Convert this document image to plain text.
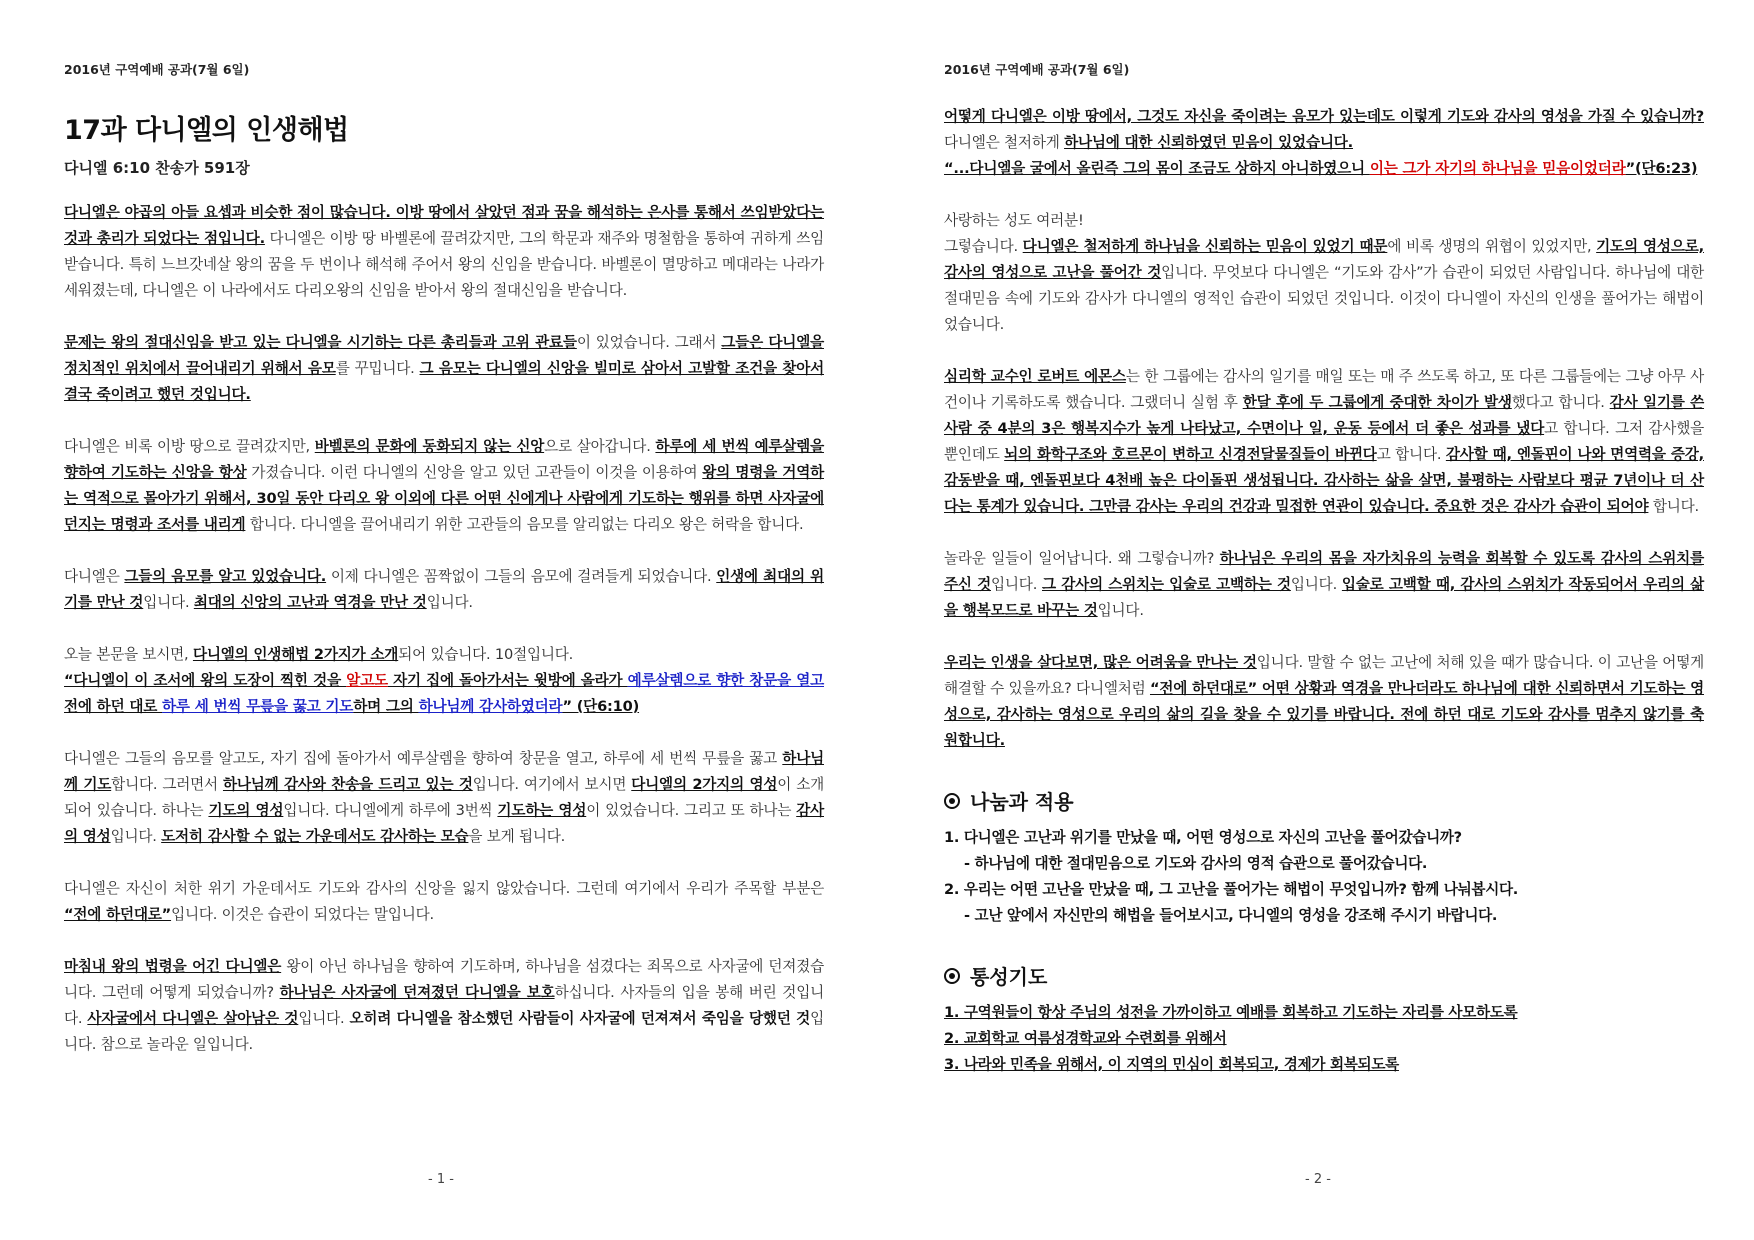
2016년 구역예배 공과(7월 6일)
17과 다니엘의 인생해법
다니엘 6:10 찬송가 591장

다니엘은 야곱의 아들 요셉과 비슷한 점이 많습니다. 이방 땅에서 살았던 점과 꿈을 해석하는 은사를 통해서 쓰임받았다는 것과 총리가 되었다는 점입니다. 다니엘은 이방 땅 바벨론에 끌려갔지만, 그의 학문과 재주와 명철함을 통하여 귀하게 쓰임받습니다. 특히 느브갓네살 왕의 꿈을 두 번이나 해석해 주어서 왕의 신임을 받습니다. 바벨론이 멸망하고 메대라는 나라가 세워졌는데, 다니엘은 이 나라에서도 다리오왕의 신임을 받아서 왕의 절대신임을 받습니다.

문제는 왕의 절대신임을 받고 있는 다니엘을 시기하는 다른 총리들과 고위 관료들이 있었습니다. 그래서 그들은 다니엘을 정치적인 위치에서 끌어내리기 위해서 음모를 꾸밉니다. 그 음모는 다니엘의 신앙을 빌미로 삼아서 고발할 조건을 찾아서 결국 죽이려고 했던 것입니다.

다니엘은 비록 이방 땅으로 끌려갔지만, 바벨론의 문화에 동화되지 않는 신앙으로 살아갑니다. 하루에 세 번씩 예루살렘을 향하여 기도하는 신앙을 항상 가졌습니다. 이런 다니엘의 신앙을 알고 있던 고관들이 이것을 이용하여 왕의 명령을 거역하는 역적으로 몰아가기 위해서, 30일 동안 다리오 왕 이외에 다른 어떤 신에게나 사람에게 기도하는 행위를 하면 사자굴에 던지는 명령과 조서를 내리게 합니다. 다니엘을 끌어내리기 위한 고관들의 음모를 알리없는 다리오 왕은 허락을 합니다.

다니엘은 그들의 음모를 알고 있었습니다. 이제 다니엘은 꼼짝없이 그들의 음모에 걸려들게 되었습니다. 인생에 최대의 위기를 만난 것입니다. 최대의 신앙의 고난과 역경을 만난 것입니다.

오늘 본문을 보시면, 다니엘의 인생해법 2가지가 소개되어 있습니다. 10절입니다.
“다니엘이 이 조서에 왕의 도장이 찍힌 것을 알고도 자기 집에 돌아가서는 윗방에 올라가 예루살렘으로 향한 창문을 열고 전에 하던 대로 하루 세 번씩 무릎을 꿇고 기도하며 그의 하나님께 감사하였더라” (단6:10)

다니엘은 그들의 음모를 알고도, 자기 집에 돌아가서 예루살렘을 향하여 창문을 열고, 하루에 세 번씩 무릎을 꿇고 하나님께 기도합니다. 그러면서 하나님께 감사와 찬송을 드리고 있는 것입니다. 여기에서 보시면 다니엘의 2가지의 영성이 소개되어 있습니다. 하나는 기도의 영성입니다. 다니엘에게 하루에 3번씩 기도하는 영성이 있었습니다. 그리고 또 하나는 감사의 영성입니다. 도저히 감사할 수 없는 가운데서도 감사하는 모습을 보게 됩니다.

다니엘은 자신이 처한 위기 가운데서도 기도와 감사의 신앙을 잃지 않았습니다. 그런데 여기에서 우리가 주목할 부분은 “전에 하던대로”입니다. 이것은 습관이 되었다는 말입니다.

마침내 왕의 법령을 어긴 다니엘은 왕이 아닌 하나님을 향하여 기도하며, 하나님을 섬겼다는 죄목으로 사자굴에 던져졌습니다. 그런데 어떻게 되었습니까? 하나님은 사자굴에 던져졌던 다니엘을 보호하십니다. 사자들의 입을 봉해 버린 것입니다. 사자굴에서 다니엘은 살아남은 것입니다. 오히려 다니엘을 참소했던 사람들이 사자굴에 던져져서 죽임을 당했던 것입니다. 참으로 놀라운 일입니다.

- 1 -
2016년 구역예배 공과(7월 6일)

어떻게 다니엘은 이방 땅에서, 그것도 자신을 죽이려는 음모가 있는데도 이렇게 기도와 감사의 영성을 가질 수 있습니까? 다니엘은 철저하게 하나님에 대한 신뢰하였던 믿음이 있었습니다.
“...다니엘을 굴에서 올린즉 그의 몸이 조금도 상하지 아니하였으니 이는 그가 자기의 하나님을 믿음이었더라”(단6:23)

사랑하는 성도 여러분!
그렇습니다. 다니엘은 철저하게 하나님을 신뢰하는 믿음이 있었기 때문에 비록 생명의 위협이 있었지만, 기도의 영성으로, 감사의 영성으로 고난을 풀어간 것입니다. 무엇보다 다니엘은 “기도와 감사”가 습관이 되었던 사람입니다. 하나님에 대한 절대믿음 속에 기도와 감사가 다니엘의 영적인 습관이 되었던 것입니다. 이것이 다니엘이 자신의 인생을 풀어가는 해법이었습니다.

심리학 교수인 로버트 에몬스는 한 그룹에는 감사의 일기를 매일 또는 매 주 쓰도록 하고, 또 다른 그룹들에는 그냥 아무 사건이나 기록하도록 했습니다. 그랬더니 실험 후 한달 후에 두 그룹에게 중대한 차이가 발생했다고 합니다. 감사 일기를 쓴 사람 중 4분의 3은 행복지수가 높게 나타났고, 수면이나 일, 운동 등에서 더 좋은 성과를 냈다고 합니다. 그저 감사했을 뿐인데도 뇌의 화학구조와 호르몬이 변하고 신경전달물질들이 바뀐다고 합니다. 감사할 때, 엔돌핀이 나와 면역력을 증강, 감동받을 때, 엔돌핀보다 4천배 높은 다이돌핀 생성됩니다. 감사하는 삶을 살면, 불평하는 사람보다 평균 7년이나 더 산다는 통계가 있습니다. 그만큼 감사는 우리의 건강과 밀접한 연관이 있습니다. 중요한 것은 감사가 습관이 되어야 합니다.

놀라운 일들이 일어납니다. 왜 그렇습니까? 하나님은 우리의 몸을 자가치유의 능력을 회복할 수 있도록 감사의 스위치를 주신 것입니다. 그 감사의 스위치는 입술로 고백하는 것입니다. 입술로 고백할 때, 감사의 스위치가 작동되어서 우리의 삶을 행복모드로 바꾸는 것입니다.

우리는 인생을 살다보면, 많은 어려움을 만나는 것입니다. 말할 수 없는 고난에 처해 있을 때가 많습니다. 이 고난을 어떻게 해결할 수 있을까요? 다니엘처럼 “전에 하던대로” 어떤 상황과 역경을 만나더라도 하나님에 대한 신뢰하면서 기도하는 영성으로, 감사하는 영성으로 우리의 삶의 길을 찾을 수 있기를 바랍니다. 전에 하던 대로 기도와 감사를 멈추지 않기를 축원합니다.

나눔과 적용
1. 다니엘은 고난과 위기를 만났을 때, 어떤 영성으로 자신의 고난을 풀어갔습니까?
- 하나님에 대한 절대믿음으로 기도와 감사의 영적 습관으로 풀어갔습니다.
2. 우리는 어떤 고난을 만났을 때, 그 고난을 풀어가는 해법이 무엇입니까? 함께 나눠봅시다.
- 고난 앞에서 자신만의 해법을 들어보시고, 다니엘의 영성을 강조해 주시기 바랍니다.
통성기도
1. 구역원들이 항상 주님의 성전을 가까이하고 예배를 회복하고 기도하는 자리를 사모하도록
2. 교회학교 여름성경학교와 수련회를 위해서
3. 나라와 민족을 위해서, 이 지역의 민심이 회복되고, 경제가 회복되도록
- 2 -
